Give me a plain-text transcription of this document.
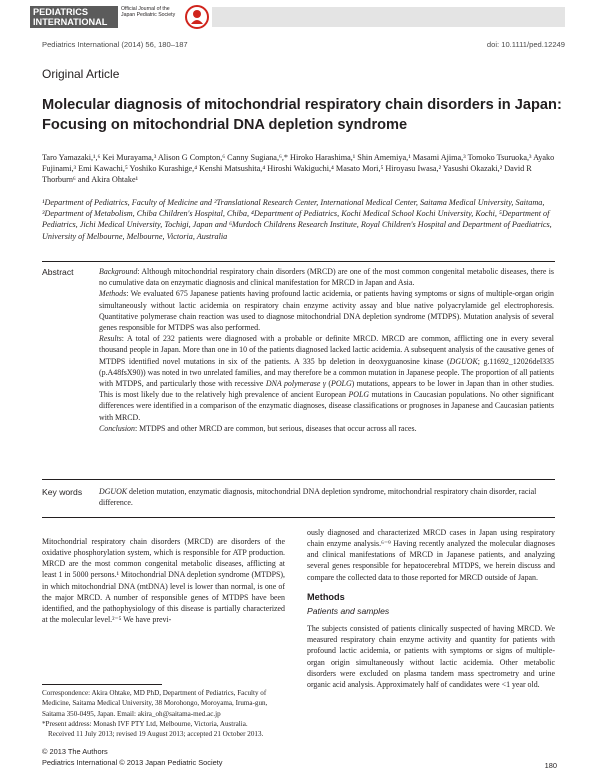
PEDIATRICS
INTERNATIONAL
Official Journal of the Japan Pediatric Society
Pediatrics International (2014) 56, 180–187	doi: 10.1111/ped.12249
Original Article
Molecular diagnosis of mitochondrial respiratory chain disorders in Japan: Focusing on mitochondrial DNA depletion syndrome
Taro Yamazaki,¹,⁶ Kei Murayama,³ Alison G Compton,⁶ Canny Sugiana,⁶,* Hiroko Harashima,¹ Shin Amemiya,¹ Masami Ajima,³ Tomoko Tsuruoka,³ Ayako Fujinami,³ Emi Kawachi,⁵ Yoshiko Kurashige,⁴ Kenshi Matsushita,⁴ Hiroshi Wakiguchi,⁴ Masato Mori,⁵ Hiroyasu Iwasa,² Yasushi Okazaki,² David R Thorburn⁶ and Akira Ohtake¹
¹Department of Pediatrics, Faculty of Medicine and ²Translational Research Center, International Medical Center, Saitama Medical University, Saitama, ³Department of Metabolism, Chiba Children's Hospital, Chiba, ⁴Department of Pediatrics, Kochi Medical School Kochi University, Kochi, ⁵Department of Pediatrics, Jichi Medical University, Tochigi, Japan and ⁶Murdoch Childrens Research Institute, Royal Children's Hospital and Department of Paediatrics, University of Melbourne, Melbourne, Victoria, Australia
Abstract	Background: Although mitochondrial respiratory chain disorders (MRCD) are one of the most common congenital metabolic diseases, there is no cumulative data on enzymatic diagnosis and clinical manifestation for MRCD in Japan and Asia.

Methods: We evaluated 675 Japanese patients having profound lactic acidemia, or patients having symptoms or signs of multiple-organ origin simultaneously without lactic acidemia on respiratory chain enzyme activity assay and blue native polyacrylamide gel electrophoresis. Quantitative polymerase chain reaction was used to diagnose mitochondrial DNA depletion syndrome (MTDPS). Mutation analysis of several genes responsible for MTDPS was also performed.

Results: A total of 232 patients were diagnosed with a probable or definite MRCD. MRCD are common, afflicting one in every several thousand people in Japan. More than one in 10 of the patients diagnosed lacked lactic acidemia. A subsequent analysis of the causative genes of MTDPS identified novel mutations in six of the patients. A 335 bp deletion in deoxyguanosine kinase (DGUOK; g.11692_12026del335 (p.A48fsX90)) was noted in two unrelated families, and may therefore be a common mutation in Japanese people. The proportion of all patients with MTDPS, and particularly those with recessive DNA polymerase γ (POLG) mutations, appears to be lower in Japan than in other studies. This is most likely due to the relatively high prevalence of ancient European POLG mutations in Caucasian populations. No other significant differences were identified in a comparison of the enzymatic diagnoses, disease classifications or prognoses in Japanese and Caucasian patients with MRCD.

Conclusion: MTDPS and other MRCD are common, but serious, diseases that occur across all races.

Key words DGUOK deletion mutation, enzymatic diagnosis, mitochondrial DNA depletion syndrome, mitochondrial respiratory chain disorder, racial difference.

Mitochondrial respiratory chain disorders (MRCD) are disorders of the oxidative phosphorylation system, which is responsible for ATP production. MRCD are the most common congenital metabolic diseases, afflicting at least 1 in 5000 persons.¹ Mitochondrial DNA depletion syndrome (MTDPS), in which mitochondrial DNA (mtDNA) level is lower than normal, is one of the major MRCD. A number of responsible genes of MTDPS have been identified, and the pathophysiology of this disease is partially characterized at the molecular level.²⁻⁵ We have previ-

Correspondence: Akira Ohtake, MD PhD, Department of Pediatrics, Faculty of Medicine, Saitama Medical University, 38 Morohongo, Moroyama, Iruma-gun, Saitama 350-0495, Japan. Email: akira_oh@saitama-med.ac.jp

*Present address: Monash IVF PTY Ltd, Melbourne, Victoria, Australia.

Received 11 July 2013; revised 19 August 2013; accepted 21 October 2013.

ously diagnosed and characterized MRCD cases in Japan using respiratory chain enzyme analysis.⁶⁻⁹ Having recently analyzed the molecular diagnoses and clinical manifestations of MRCD in Japanese patients, and analyzing several genes responsible for hepatocerebral MTDPS, we herein discuss and compare the collected data to those reported for MRCD outside of Japan.

Methods
Patients and samples

The subjects consisted of patients clinically suspected of having MRCD. We measured respiratory chain enzyme activity and quantity for patients with profound lactic acidemia, or patients with symptoms or signs of multiple-organ origin simultaneously without lactic acidemia. Other metabolic disorders were excluded on plasma tandem mass spectrometry and urine organic acid analysis. Approximately half of candidates were <1 year old.

© 2013 The Authors
Pediatrics International © 2013 Japan Pediatric Society	180
